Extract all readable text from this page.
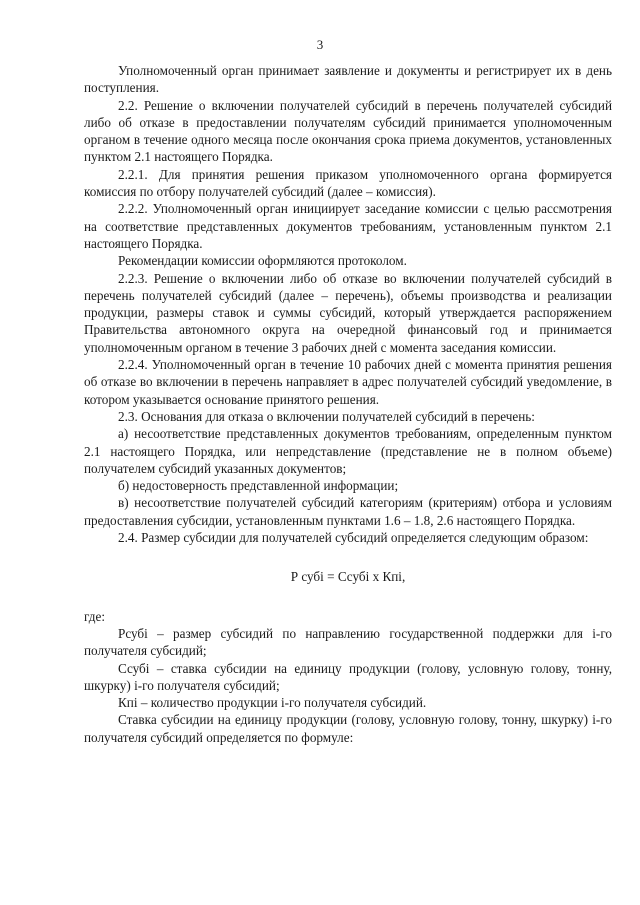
3

Уполномоченный орган принимает заявление и документы и регистрирует их в день поступления.

2.2. Решение о включении получателей субсидий в перечень получателей субсидий либо об отказе в предоставлении получателям субсидий принимается уполномоченным органом в течение одного месяца после окончания срока приема документов, установленных пунктом 2.1 настоящего Порядка.

2.2.1. Для принятия решения приказом уполномоченного органа формируется комиссия по отбору получателей субсидий (далее – комиссия).

2.2.2. Уполномоченный орган инициирует заседание комиссии с целью рассмотрения на соответствие представленных документов требованиям, установленным пунктом 2.1 настоящего Порядка.

Рекомендации комиссии оформляются протоколом.

2.2.3. Решение о включении либо об отказе во включении получателей субсидий в перечень получателей субсидий (далее – перечень), объемы производства и реализации продукции, размеры ставок и суммы субсидий, который утверждается распоряжением Правительства автономного округа на очередной финансовый год и принимается уполномоченным органом в течение 3 рабочих дней с момента заседания комиссии.

2.2.4. Уполномоченный орган в течение 10 рабочих дней с момента принятия решения об отказе во включении в перечень направляет в адрес получателей субсидий уведомление, в котором указывается основание принятого решения.

2.3. Основания для отказа о включении получателей субсидий в перечень:

а) несоответствие представленных документов требованиям, определенным пунктом 2.1 настоящего Порядка, или непредставление (представление не в полном объеме) получателем субсидий указанных документов;

б) недостоверность представленной информации;

в) несоответствие получателей субсидий категориям (критериям) отбора и условиям предоставления субсидии, установленным пунктами 1.6 – 1.8, 2.6 настоящего Порядка.

2.4. Размер субсидии для получателей субсидий определяется следующим образом:

Р субі = Ссубі х Кпі,

где:

Рсубі – размер субсидий по направлению государственной поддержки для і-го получателя субсидий;

Ссубі – ставка субсидии на единицу продукции (голову, условную голову, тонну, шкурку) і-го получателя субсидий;

Кпі – количество продукции і-го получателя субсидий.

Ставка субсидии на единицу продукции (голову, условную голову, тонну, шкурку) і-го получателя субсидий определяется по формуле:
